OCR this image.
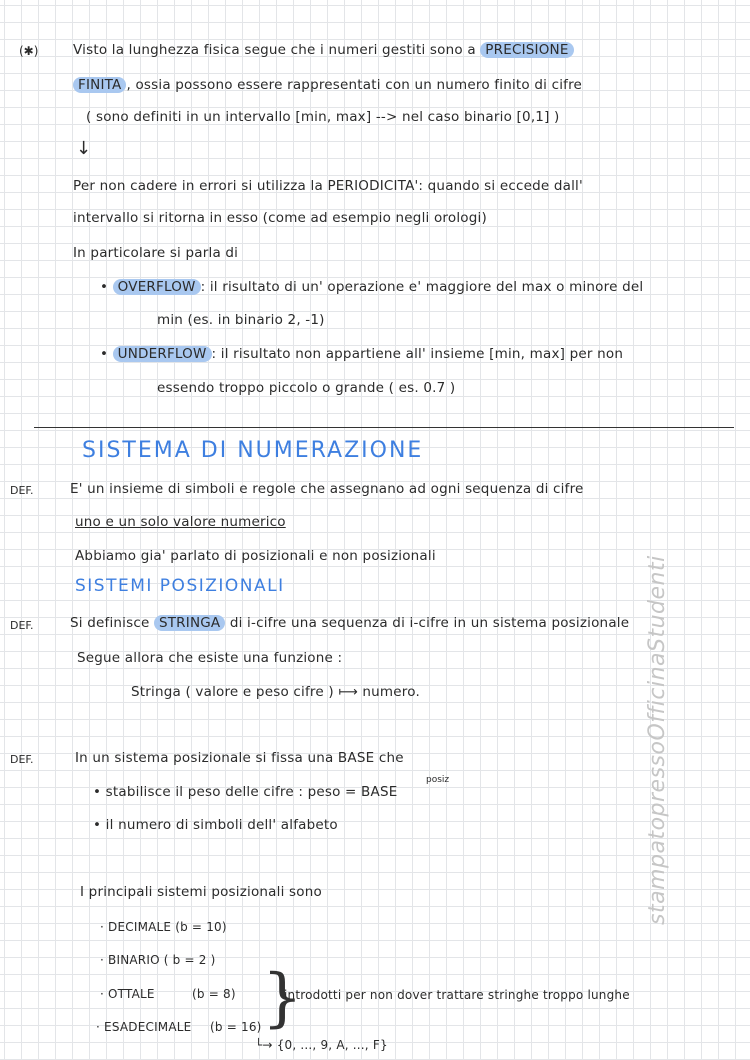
(✱)	Visto la lunghezza fisica segue che i numeri gestiti sono a PRECISIONE
FINITA , ossia possono essere rappresentati con un numero finito di cifre
( sono definiti in un intervallo [min, max] --> nel caso binario [0,1] )
↓
Per non cadere in errori si utilizza la PERIODICITA': quando si eccede dall'
intervallo si ritorna in esso (come ad esempio negli orologi)
In particolare si parla di
• OVERFLOW : il risultato di un' operazione e' maggiore del max o minore del
min (es. in binario 2, -1)
• UNDERFLOW : il risultato non appartiene all' insieme [min, max] per non
essendo troppo piccolo o grande ( es. 0.7 )
SISTEMA DI NUMERAZIONE
DEF.	E' un insieme di simboli e regole che assegnano ad ogni sequenza di cifre
uno e un solo valore numerico
Abbiamo gia' parlato di posizionali e non posizionali
SISTEMI POSIZIONALI
DEF.	Si definisce STRINGA di i-cifre una sequenza di i-cifre in un sistema posizionale
Segue allora che esiste una funzione :
Stringa ( valore e peso cifre ) ⟼ numero.
DEF.	In un sistema posizionale si fissa una BASE che
• stabilisce il peso delle cifre : peso = BASE
posiz
• il numero di simboli dell' alfabeto
I principali sistemi posizionali sono
· DECIMALE (b = 10)
· BINARIO ( b = 2 )
· OTTALE	(b = 8)
· ESADECIMALE (b = 16) }
introdotti per non dover trattare stringhe troppo lunghe
└→ {0, ..., 9, A, ..., F}
stampatopressoOfficinaStudenti
